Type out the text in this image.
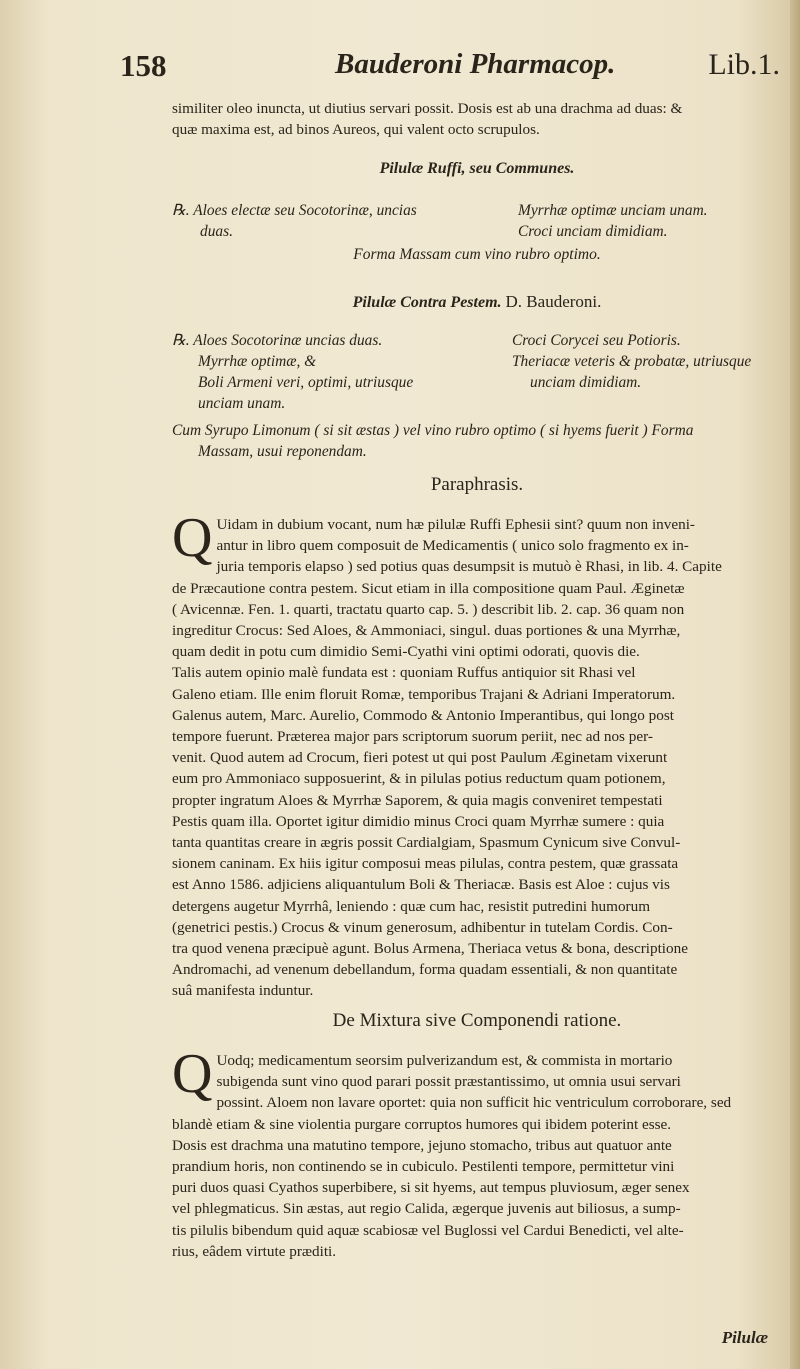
158	Bauderoni Pharmacop.	Lib.1.

similiter oleo inuncta, ut diutius servari possit. Dosis est ab una drachma ad duas: &

quæ maxima est, ad binos Aureos, qui valent octo scrupulos.

Pilulæ Ruffi, seu Communes.
℞. Aloes electæ seu Socotorinæ, uncias
duas.
Myrrhæ optimæ unciam unam.
Croci unciam dimidiam.
Forma Massam cum vino rubro optimo.
Pilulæ Contra Pestem. D. Bauderoni.
℞. Aloes Socotorinæ uncias duas.
Myrrhæ optimæ, &
Boli Armeni veri, optimi, utriusque
unciam unam.
Croci Corycei seu Potioris.
Theriacæ veteris & probatæ, utriusque
unciam dimidiam.
Cum Syrupo Limonum ( si sit æstas ) vel vino rubro optimo ( si hyems fuerit ) Forma
Massam, usui reponendam.
Paraphrasis.
Q Uidam in dubium vocant, num hæ pilulæ Ruffi Ephesii sint? quum non inveni-

antur in libro quem composuit de Medicamentis ( unico solo fragmento ex in-

juria temporis elapso ) sed potius quas desumpsit is mutuò è Rhasi, in lib. 4. Capite

de Præcautione contra pestem. Sicut etiam in illa compositione quam Paul. Æginetæ

( Avicennæ. Fen. 1. quarti, tractatu quarto cap. 5. ) describit lib. 2. cap. 36 quam non

ingreditur Crocus: Sed Aloes, & Ammoniaci, singul. duas portiones & una Myrrhæ,

quam dedit in potu cum dimidio Semi-Cyathi vini optimi odorati, quovis die.

Talis autem opinio malè fundata est : quoniam Ruffus antiquior sit Rhasi vel

Galeno etiam. Ille enim floruit Romæ, temporibus Trajani & Adriani Imperatorum.

Galenus autem, Marc. Aurelio, Commodo & Antonio Imperantibus, qui longo post

tempore fuerunt. Præterea major pars scriptorum suorum periit, nec ad nos per-

venit. Quod autem ad Crocum, fieri potest ut qui post Paulum Æginetam vixerunt

eum pro Ammoniaco supposuerint, & in pilulas potius reductum quam potionem,

propter ingratum Aloes & Myrrhæ Saporem, & quia magis conveniret tempestati

Pestis quam illa. Oportet igitur dimidio minus Croci quam Myrrhæ sumere : quia

tanta quantitas creare in ægris possit Cardialgiam, Spasmum Cynicum sive Convul-

sionem caninam. Ex hiis igitur composui meas pilulas, contra pestem, quæ grassata

est Anno 1586. adjiciens aliquantulum Boli & Theriacæ. Basis est Aloe : cujus vis

detergens augetur Myrrhâ, leniendo : quæ cum hac, resistit putredini humorum

(genetrici pestis.) Crocus & vinum generosum, adhibentur in tutelam Cordis. Con-

tra quod venena præcipuè agunt. Bolus Armena, Theriaca vetus & bona, descriptione

Andromachi, ad venenum debellandum, forma quadam essentiali, & non quantitate

suâ manifesta induntur.

De Mixtura sive Componendi ratione.
Q Uodq; medicamentum seorsim pulverizandum est, & commista in mortario

subigenda sunt vino quod parari possit præstantissimo, ut omnia usui servari

possint. Aloem non lavare oportet: quia non sufficit hic ventriculum corroborare, sed

blandè etiam & sine violentia purgare corruptos humores qui ibidem poterint esse.

Dosis est drachma una matutino tempore, jejuno stomacho, tribus aut quatuor ante

prandium horis, non continendo se in cubiculo. Pestilenti tempore, permittetur vini

puri duos quasi Cyathos superbibere, si sit hyems, aut tempus pluviosum, æger senex

vel phlegmaticus. Sin æstas, aut regio Calida, ægerque juvenis aut biliosus, a sump-

tis pilulis bibendum quid aquæ scabiosæ vel Buglossi vel Cardui Benedicti, vel alte-

rius, eâdem virtute præditi.

Pilulæ
